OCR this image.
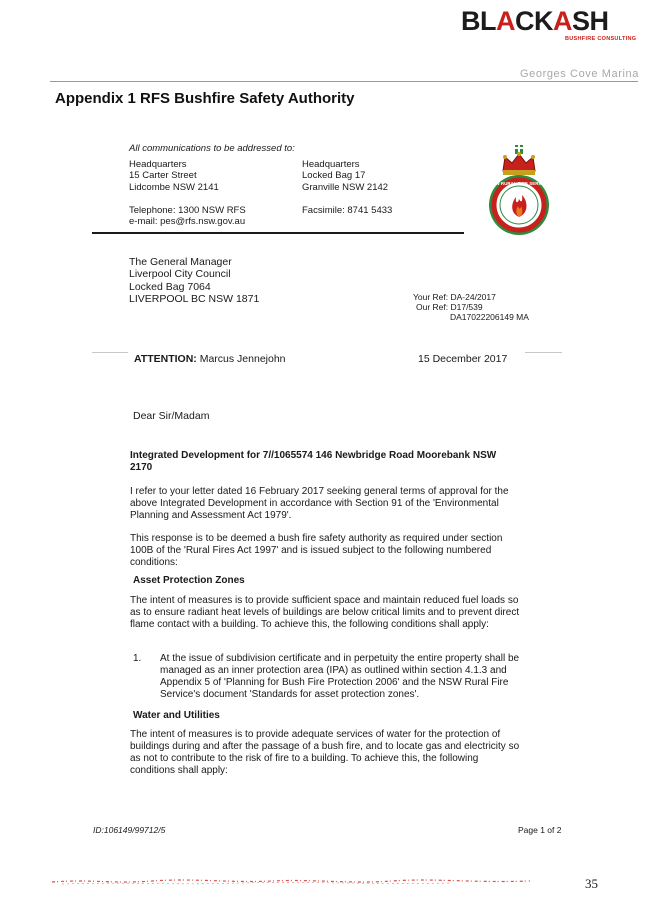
BLACKASH
BUSHFIRE CONSULTING
Georges Cove Marina
Appendix 1 RFS Bushfire Safety Authority
All communications to be addressed to:
Headquarters
15 Carter Street
Lidcombe NSW 2141
Headquarters
Locked Bag 17
Granville NSW 2142
Telephone: 1300 NSW RFS
e-mail: pes@rfs.nsw.gov.au
Facsimile: 8741 5433
NSW RURAL FIRE SERVICE
The General Manager
Liverpool City Council
Locked Bag 7064
LIVERPOOL BC NSW 1871	Your Ref: DA-24/2017
Our Ref: D17/539
DA17022206149 MA
ATTENTION: Marcus Jennejohn	15 December 2017
Dear Sir/Madam
Integrated Development for 7//1065574 146 Newbridge Road Moorebank NSW 2170
I refer to your letter dated 16 February 2017 seeking general terms of approval for the above Integrated Development in accordance with Section 91 of the 'Environmental Planning and Assessment Act 1979'.
This response is to be deemed a bush fire safety authority as required under section 100B of the 'Rural Fires Act 1997' and is issued subject to the following numbered conditions:
Asset Protection Zones
The intent of measures is to provide sufficient space and maintain reduced fuel loads so as to ensure radiant heat levels of buildings are below critical limits and to prevent direct flame contact with a building. To achieve this, the following conditions shall apply:
1. At the issue of subdivision certificate and in perpetuity the entire property shall be managed as an inner protection area (IPA) as outlined within section 4.1.3 and Appendix 5 of 'Planning for Bush Fire Protection 2006' and the NSW Rural Fire Service's document 'Standards for asset protection zones'.
Water and Utilities
The intent of measures is to provide adequate services of water for the protection of buildings during and after the passage of a bush fire, and to locate gas and electricity so as not to contribute to the risk of fire to a building. To achieve this, the following conditions shall apply:
ID:106149/99712/5	Page 1 of 2
35
